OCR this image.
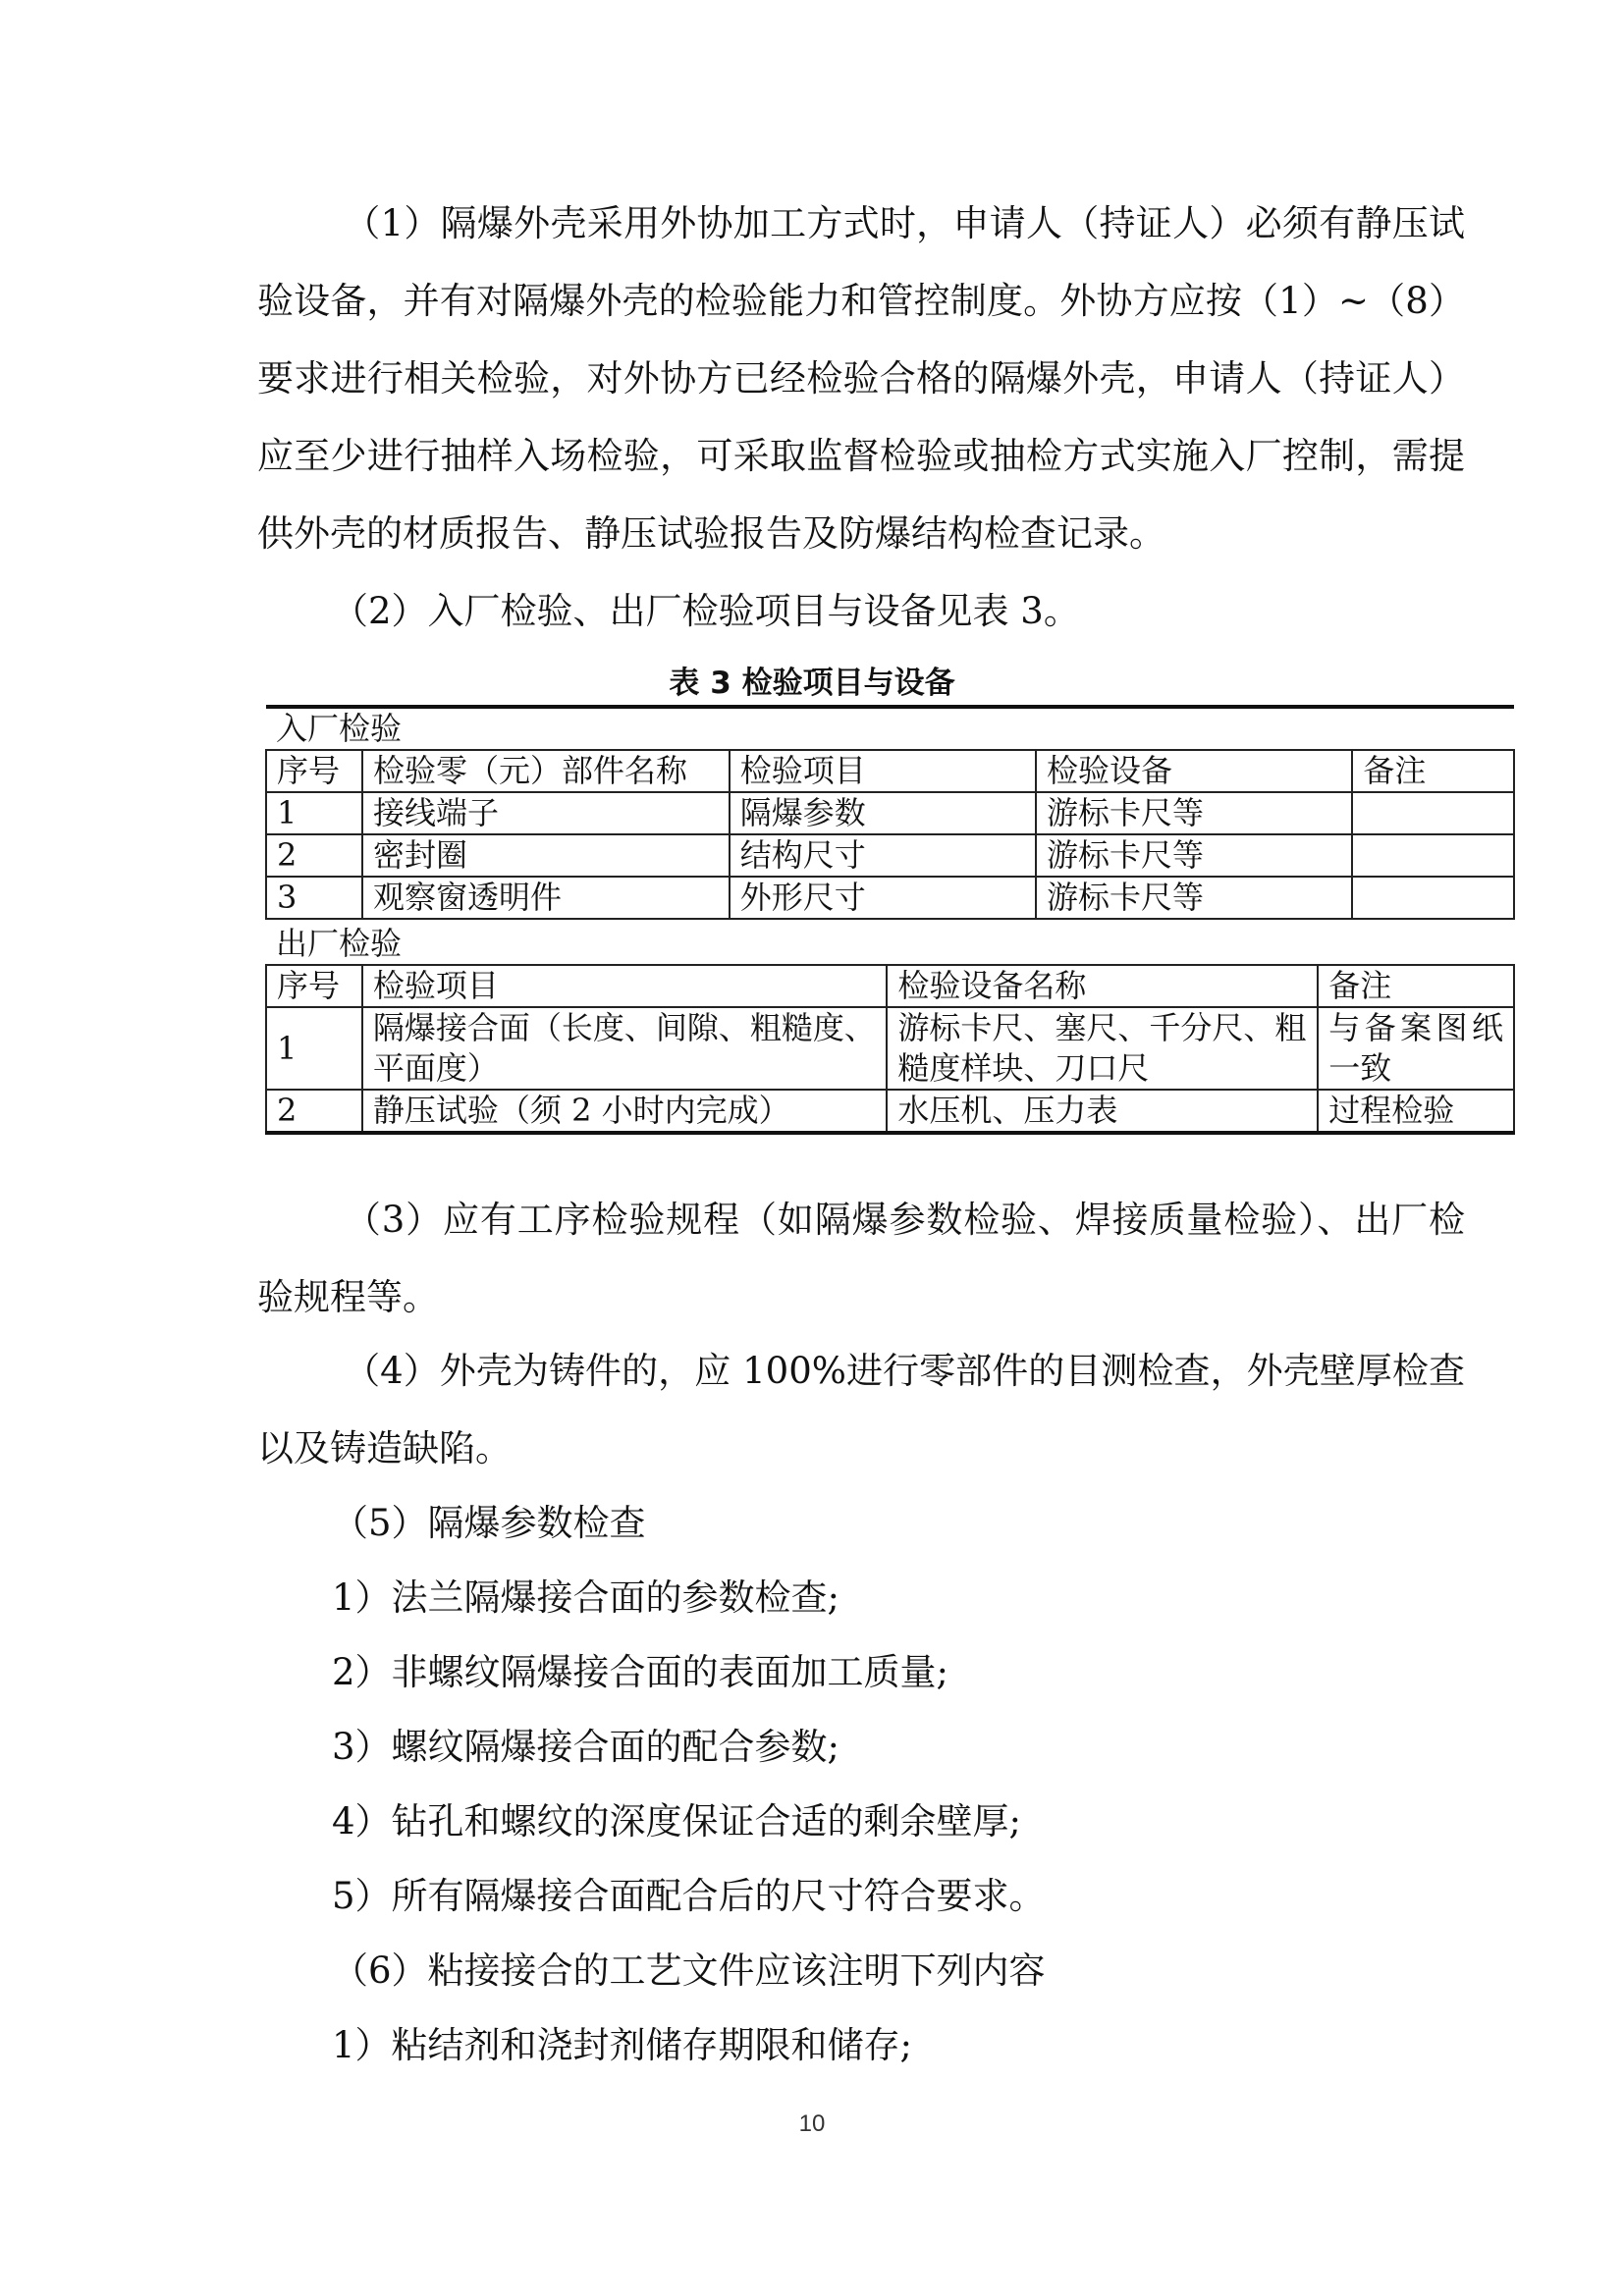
（1）隔爆外壳采用外协加工方式时，申请人（持证人）必须有静压试验设备，并有对隔爆外壳的检验能力和管控制度。外协方应按（1）~（8）要求进行相关检验，对外协方已经检验合格的隔爆外壳，申请人（持证人）应至少进行抽样入场检验，可采取监督检验或抽检方式实施入厂控制，需提供外壳的材质报告、静压试验报告及防爆结构检查记录。

（2）入厂检验、出厂检验项目与设备见表 3。

表 3 检验项目与设备
入厂检验				
序号	检验零（元）部件名称	检验项目	检验设备	备注
1	接线端子	隔爆参数	游标卡尺等	
2	密封圈	结构尺寸	游标卡尺等	
3	观察窗透明件	外形尺寸	游标卡尺等	
出厂检验			
序号	检验项目	检验设备名称	备注
1	隔爆接合面（长度、间隙、粗糙度、平面度）	游标卡尺、塞尺、千分尺、粗糙度样块、刀口尺	与备案图纸一致
2	静压试验（须 2 小时内完成）	水压机、压力表	过程检验

（3）应有工序检验规程（如隔爆参数检验、焊接质量检验）、出厂检验规程等。

（4）外壳为铸件的，应 100%进行零部件的目测检查，外壳壁厚检查以及铸造缺陷。

（5）隔爆参数检查

1）法兰隔爆接合面的参数检查;

2）非螺纹隔爆接合面的表面加工质量;

3）螺纹隔爆接合面的配合参数;

4）钻孔和螺纹的深度保证合适的剩余壁厚;

5）所有隔爆接合面配合后的尺寸符合要求。

（6）粘接接合的工艺文件应该注明下列内容

1）粘结剂和浇封剂储存期限和储存;

10
